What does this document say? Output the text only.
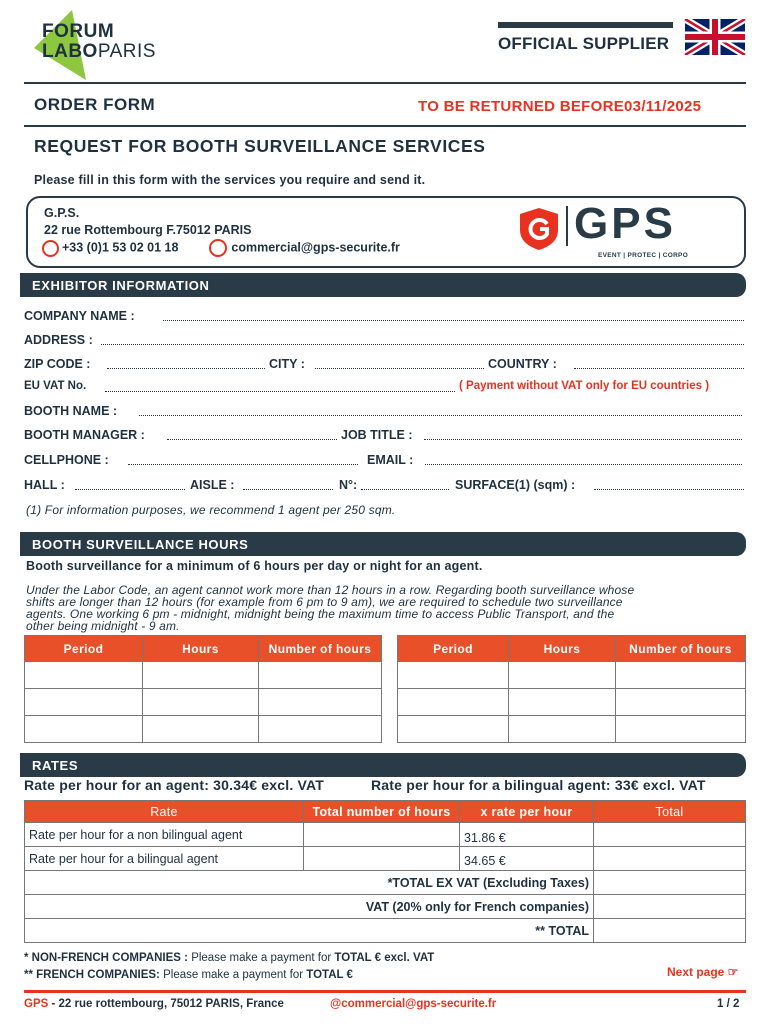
FORUM
LABOPARIS	OFFICIAL SUPPLIER
ORDER FORM	TO BE RETURNED BEFORE03/11/2025
REQUEST FOR BOOTH SURVEILLANCE SERVICES
Please fill in this form with the services you require and send it.
G.P.S.
22 rue Rottembourg F.75012 PARIS
+33 (0)1 53 02 01 18	commercial@gps-securite.fr	GPS
EVENT | PROTEC | CORPO
EXHIBITOR INFORMATION
COMPANY NAME :
ADDRESS :
ZIP CODE :	CITY :	COUNTRY :
EU VAT No.	( Payment without VAT only for EU countries )
BOOTH NAME :
BOOTH MANAGER :	JOB TITLE :
CELLPHONE :	EMAIL :
HALL :	AISLE :	N°:	SURFACE(1) (sqm) :
(1) For information purposes, we recommend 1 agent per 250 sqm.
BOOTH SURVEILLANCE HOURS
Booth surveillance for a minimum of 6 hours per day or night for an agent.
Under the Labor Code, an agent cannot work more than 12 hours in a row. Regarding booth surveillance whose
shifts are longer than 12 hours (for example from 6 pm to 9 am), we are required to schedule two surveillance
agents. One working 6 pm - midnight, midnight being the maximum time to access Public Transport, and the
other being midnight - 9 am.
Period	Hours	Number of hours

			Period	Hours	Number of hours

RATES
Rate per hour for an agent: 30.34€ excl. VAT	Rate per hour for a bilingual agent: 33€ excl. VAT
Rate	Total number of hours	x rate per hour	Total
Rate per hour for a non bilingual agent		31.86 €	
Rate per hour for a bilingual agent		34.65 €	
*TOTAL EX VAT (Excluding Taxes)			
VAT (20% only for French companies)			
** TOTAL			
* NON-FRENCH COMPANIES : Please make a payment for TOTAL € excl. VAT
** FRENCH COMPANIES: Please make a payment for TOTAL €	Next page ☞
GPS - 22 rue rottembourg, 75012 PARIS, France	@commercial@gps-securite.fr	1 / 2
